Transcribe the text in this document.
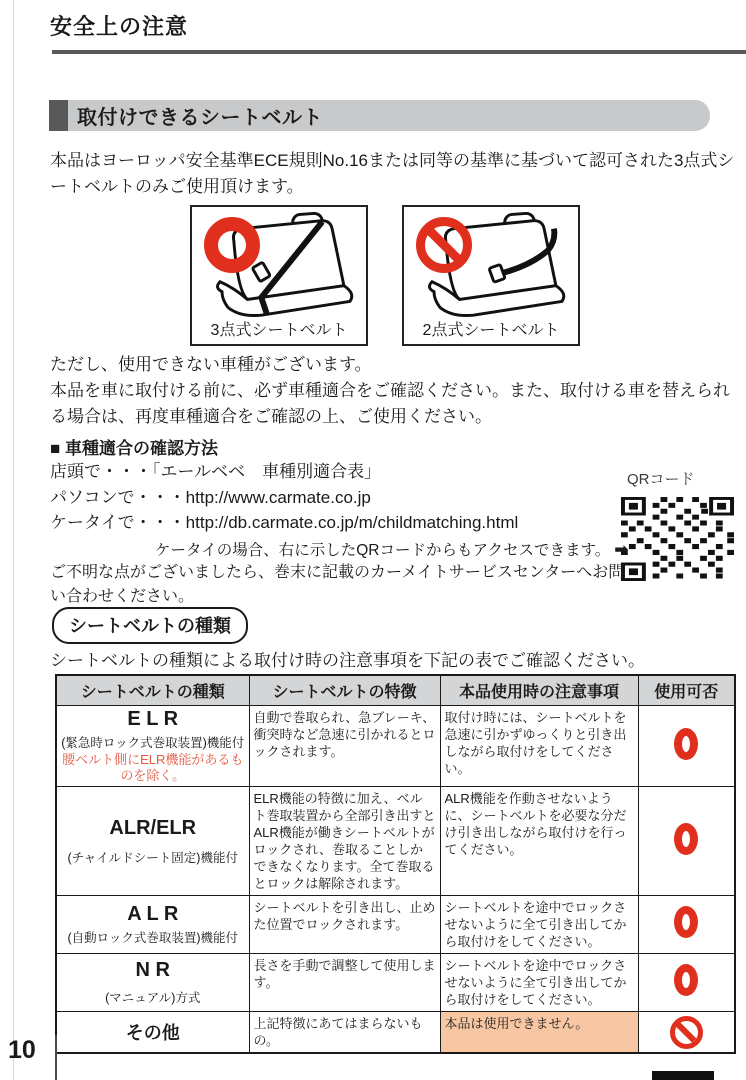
安全上の注意
取付けできるシートベルト

本品はヨーロッパ安全基準ECE規則No.16または同等の基準に基づいて認可された3点式シートベルトのみご使用頂けます。

3点式シートベルト	2点式シートベルト

ただし、使用できない車種がございます。
本品を車に取付ける前に、必ず車種適合をご確認ください。また、取付ける車を替えられる場合は、再度車種適合をご確認の上、ご使用ください。

■ 車種適合の確認方法
店頭で・・・「エールベベ　車種別適合表」
パソコンで・・・http://www.carmate.co.jp
ケータイで・・・http://db.carmate.co.jp/m/childmatching.html
QRコード
ケータイの場合、右に示したQRコードからもアクセスできます。 ➡

ご不明な点がございましたら、巻末に記載のカーメイトサービスセンターへお問い合わせください。

シートベルトの種類
シートベルトの種類による取付け時の注意事項を下記の表でご確認ください。
シートベルトの種類	シートベルトの特徴	本品使用時の注意事項	使用可否

E L R
(緊急時ロック式巻取装置)機能付
腰ベルト側にELR機能があるものを除く。	自動で巻取られ、急ブレーキ、衝突時など急速に引かれるとロックされます。	取付け時には、シートベルトを急速に引かずゆっくりと引き出しながら取付けをしてください。	

ALR/ELR
(チャイルドシート固定)機能付	ELR機能の特徴に加え、ベルト巻取装置から全部引き出すとALR機能が働きシートベルトがロックされ、巻取ることしかできなくなります。全て巻取るとロックは解除されます。	ALR機能を作動させないように、シートベルトを必要な分だけ引き出しながら取付けを行ってください。	

A L R
(自動ロック式巻取装置)機能付	シートベルトを引き出し、止めた位置でロックされます。	シートベルトを途中でロックさせないように全て引き出してから取付けをしてください。	

N R
(マニュアル)方式	長さを手動で調整して使用します。	シートベルトを途中でロックさせないように全て引き出してから取付けをしてください。	

その他	上記特徴にあてはまらないもの。	本品は使用できません。	
10
